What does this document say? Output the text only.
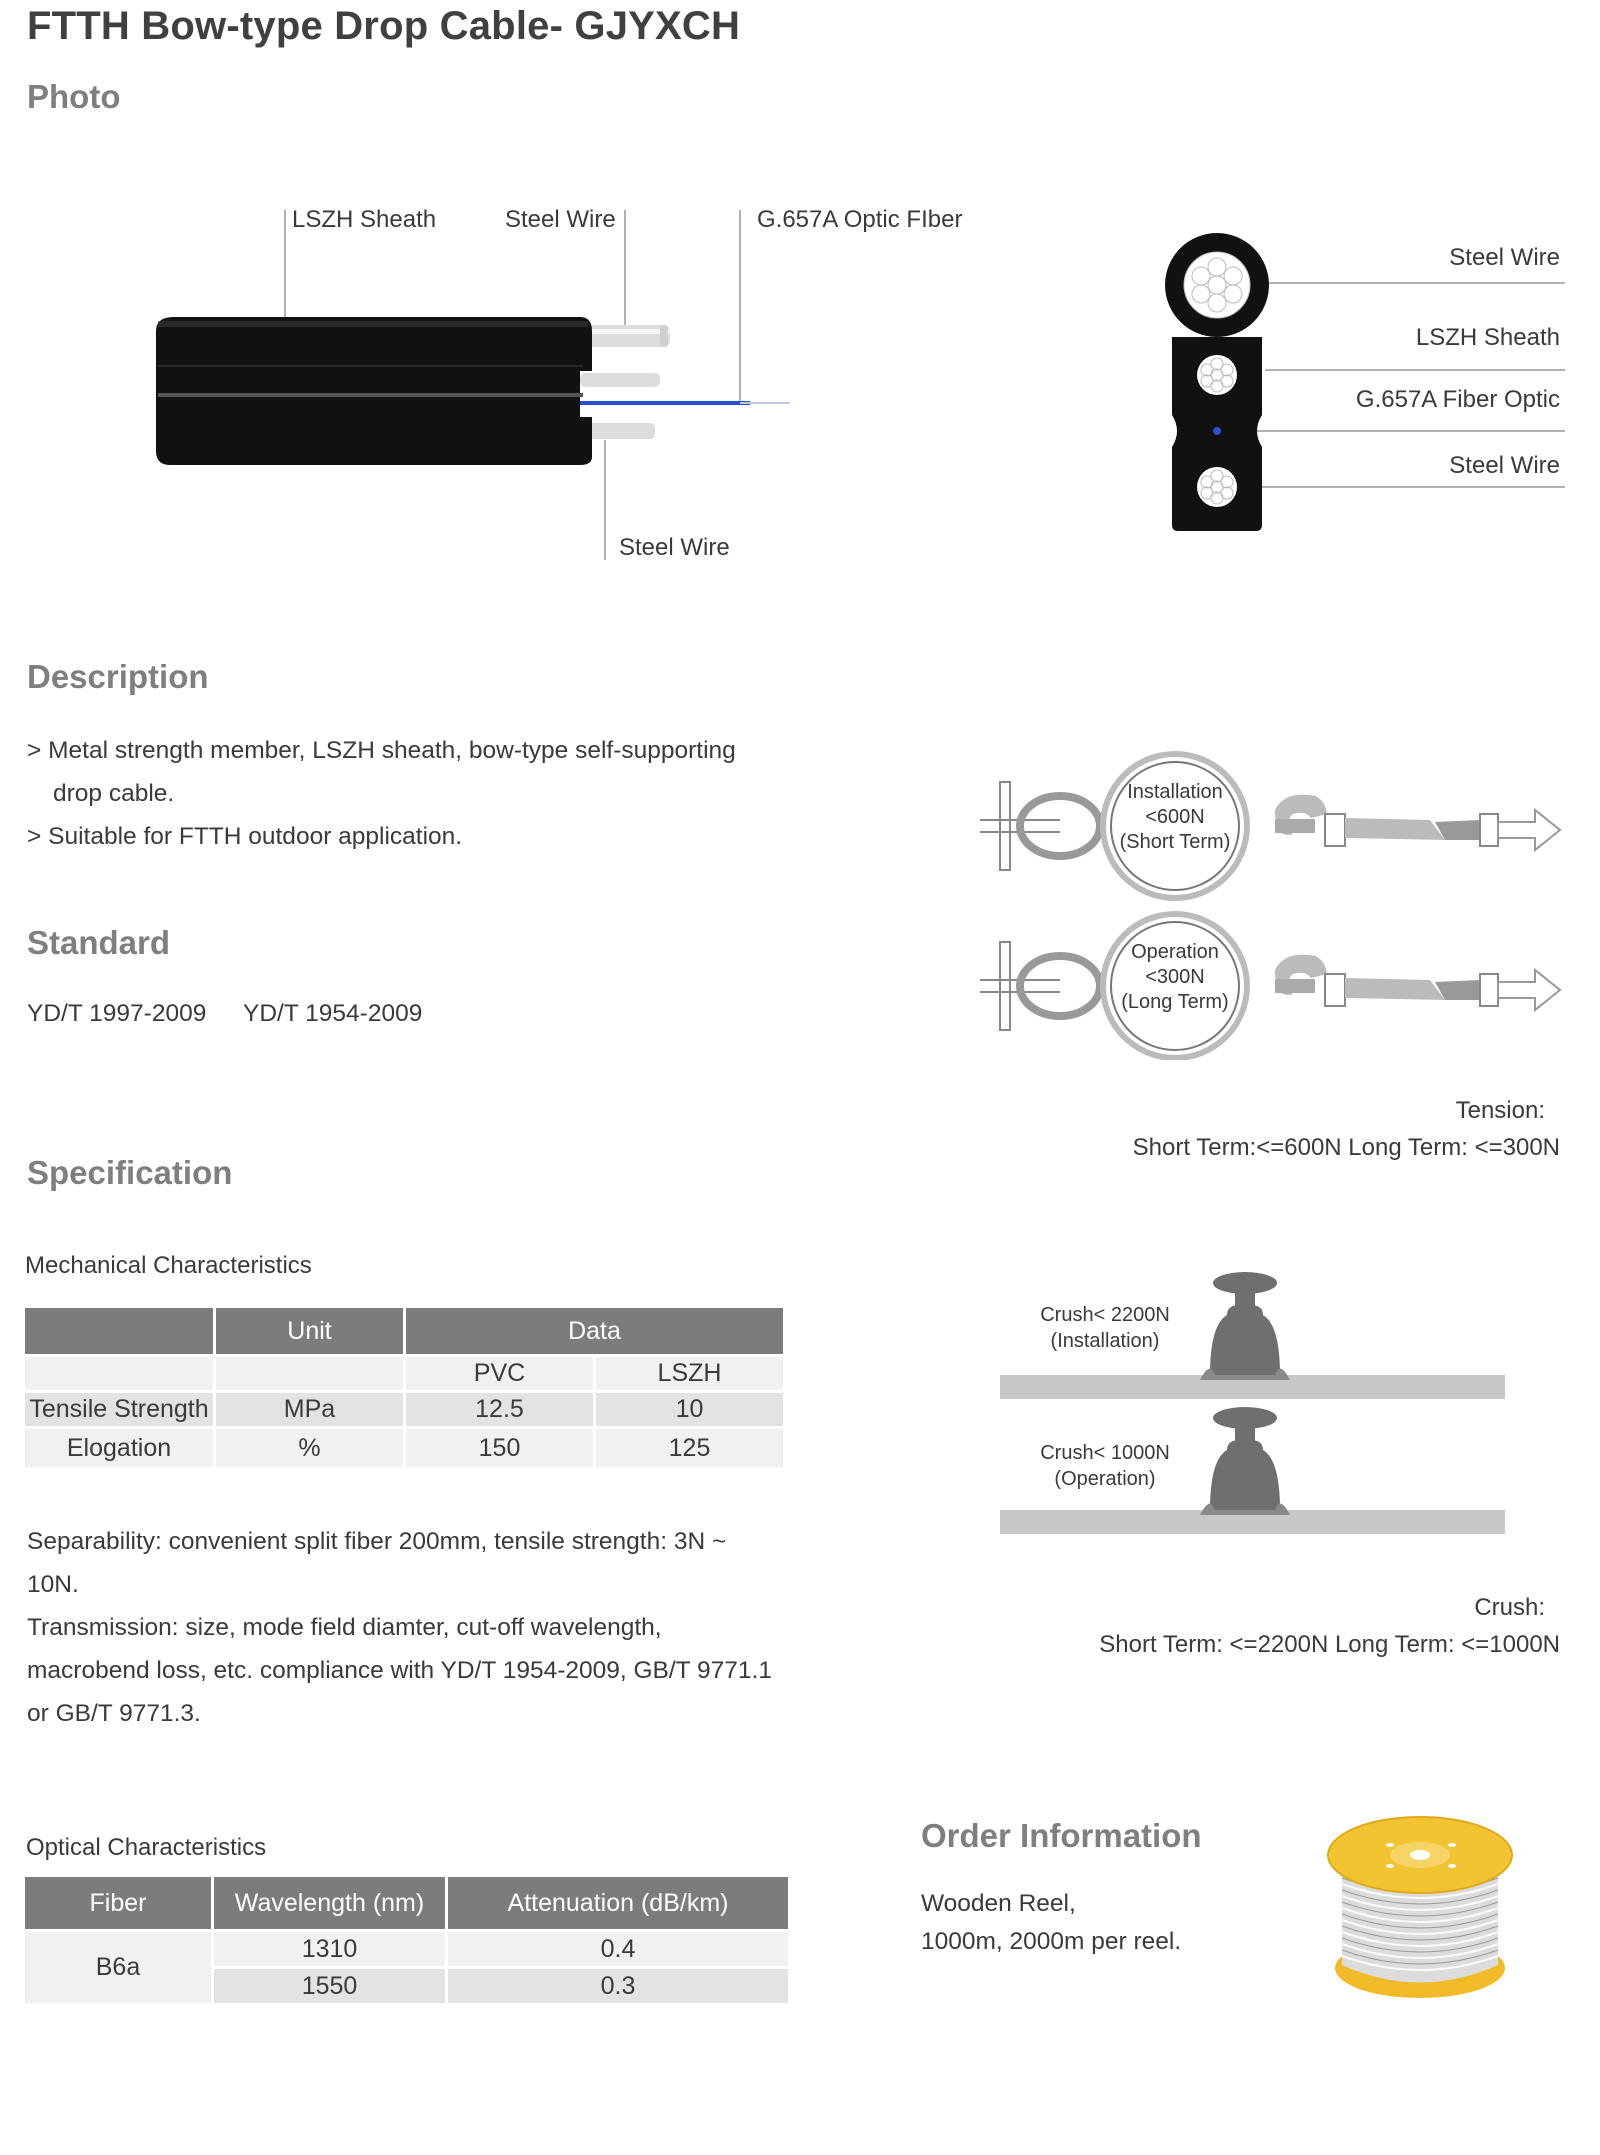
FTTH Bow-type Drop Cable- GJYXCH
Photo
LSZH Sheath	Steel Wire	G.657A Optic FIber
Steel Wire
Steel Wire
LSZH Sheath
G.657A Fiber Optic
Steel Wire
Description
> Metal strength member, LSZH sheath, bow-type self-supporting
drop cable.
> Suitable for FTTH outdoor application.
Standard
YD/T 1997-2009 YD/T 1954-2009
Installation
<600N
(Short Term)
Operation
<300N
(Long Term)
Tension:
Short Term:<=600N Long Term: <=300N
Specification
Mechanical Characteristics
	Unit	Data	
		PVC	LSZH
Tensile Strength	MPa	12.5	10
Elogation	%	150	125
Separability: convenient split fiber 200mm, tensile strength: 3N ~
10N.
Transmission: size, mode field diamter, cut-off wavelength,
macrobend loss, etc. compliance with YD/T 1954-2009, GB/T 9771.1
or GB/T 9771.3.
Crush< 2200N
(Installation)
Crush< 1000N
(Operation)
Crush:
Short Term: <=2200N Long Term: <=1000N
Optical Characteristics
Fiber	Wavelength (nm)	Attenuation (dB/km)
B6a	1310	0.4
	1550	0.3
Order Information
Wooden Reel,
1000m, 2000m per reel.
